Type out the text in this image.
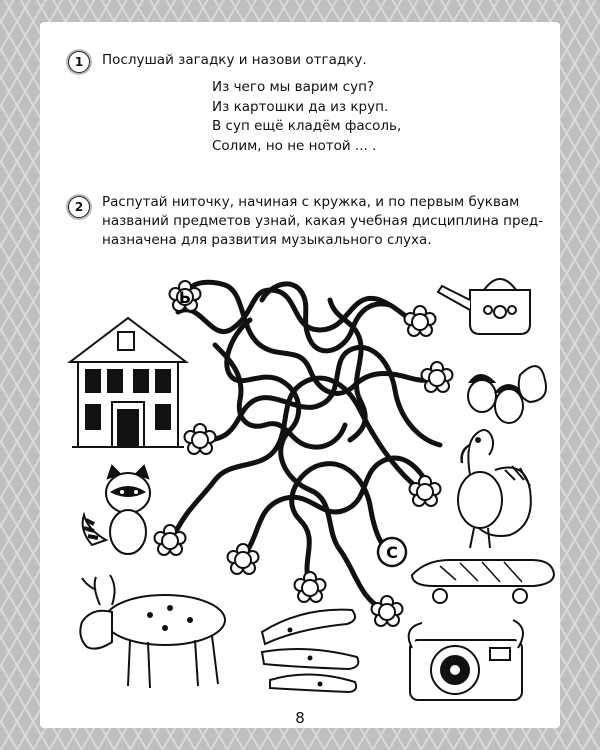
1	Послушай загадку и назови отгадку.
Из чего мы варим суп?
Из картошки да из круп.
В суп ещё кладём фасоль,
Солим, но не нотой ... .
2	Распутай ниточку, начиная с кружка, и по первым буквам
названий предметов узнай, какая учебная дисциплина пред-
назначена для развития музыкального слуха.
Ь
С
8
